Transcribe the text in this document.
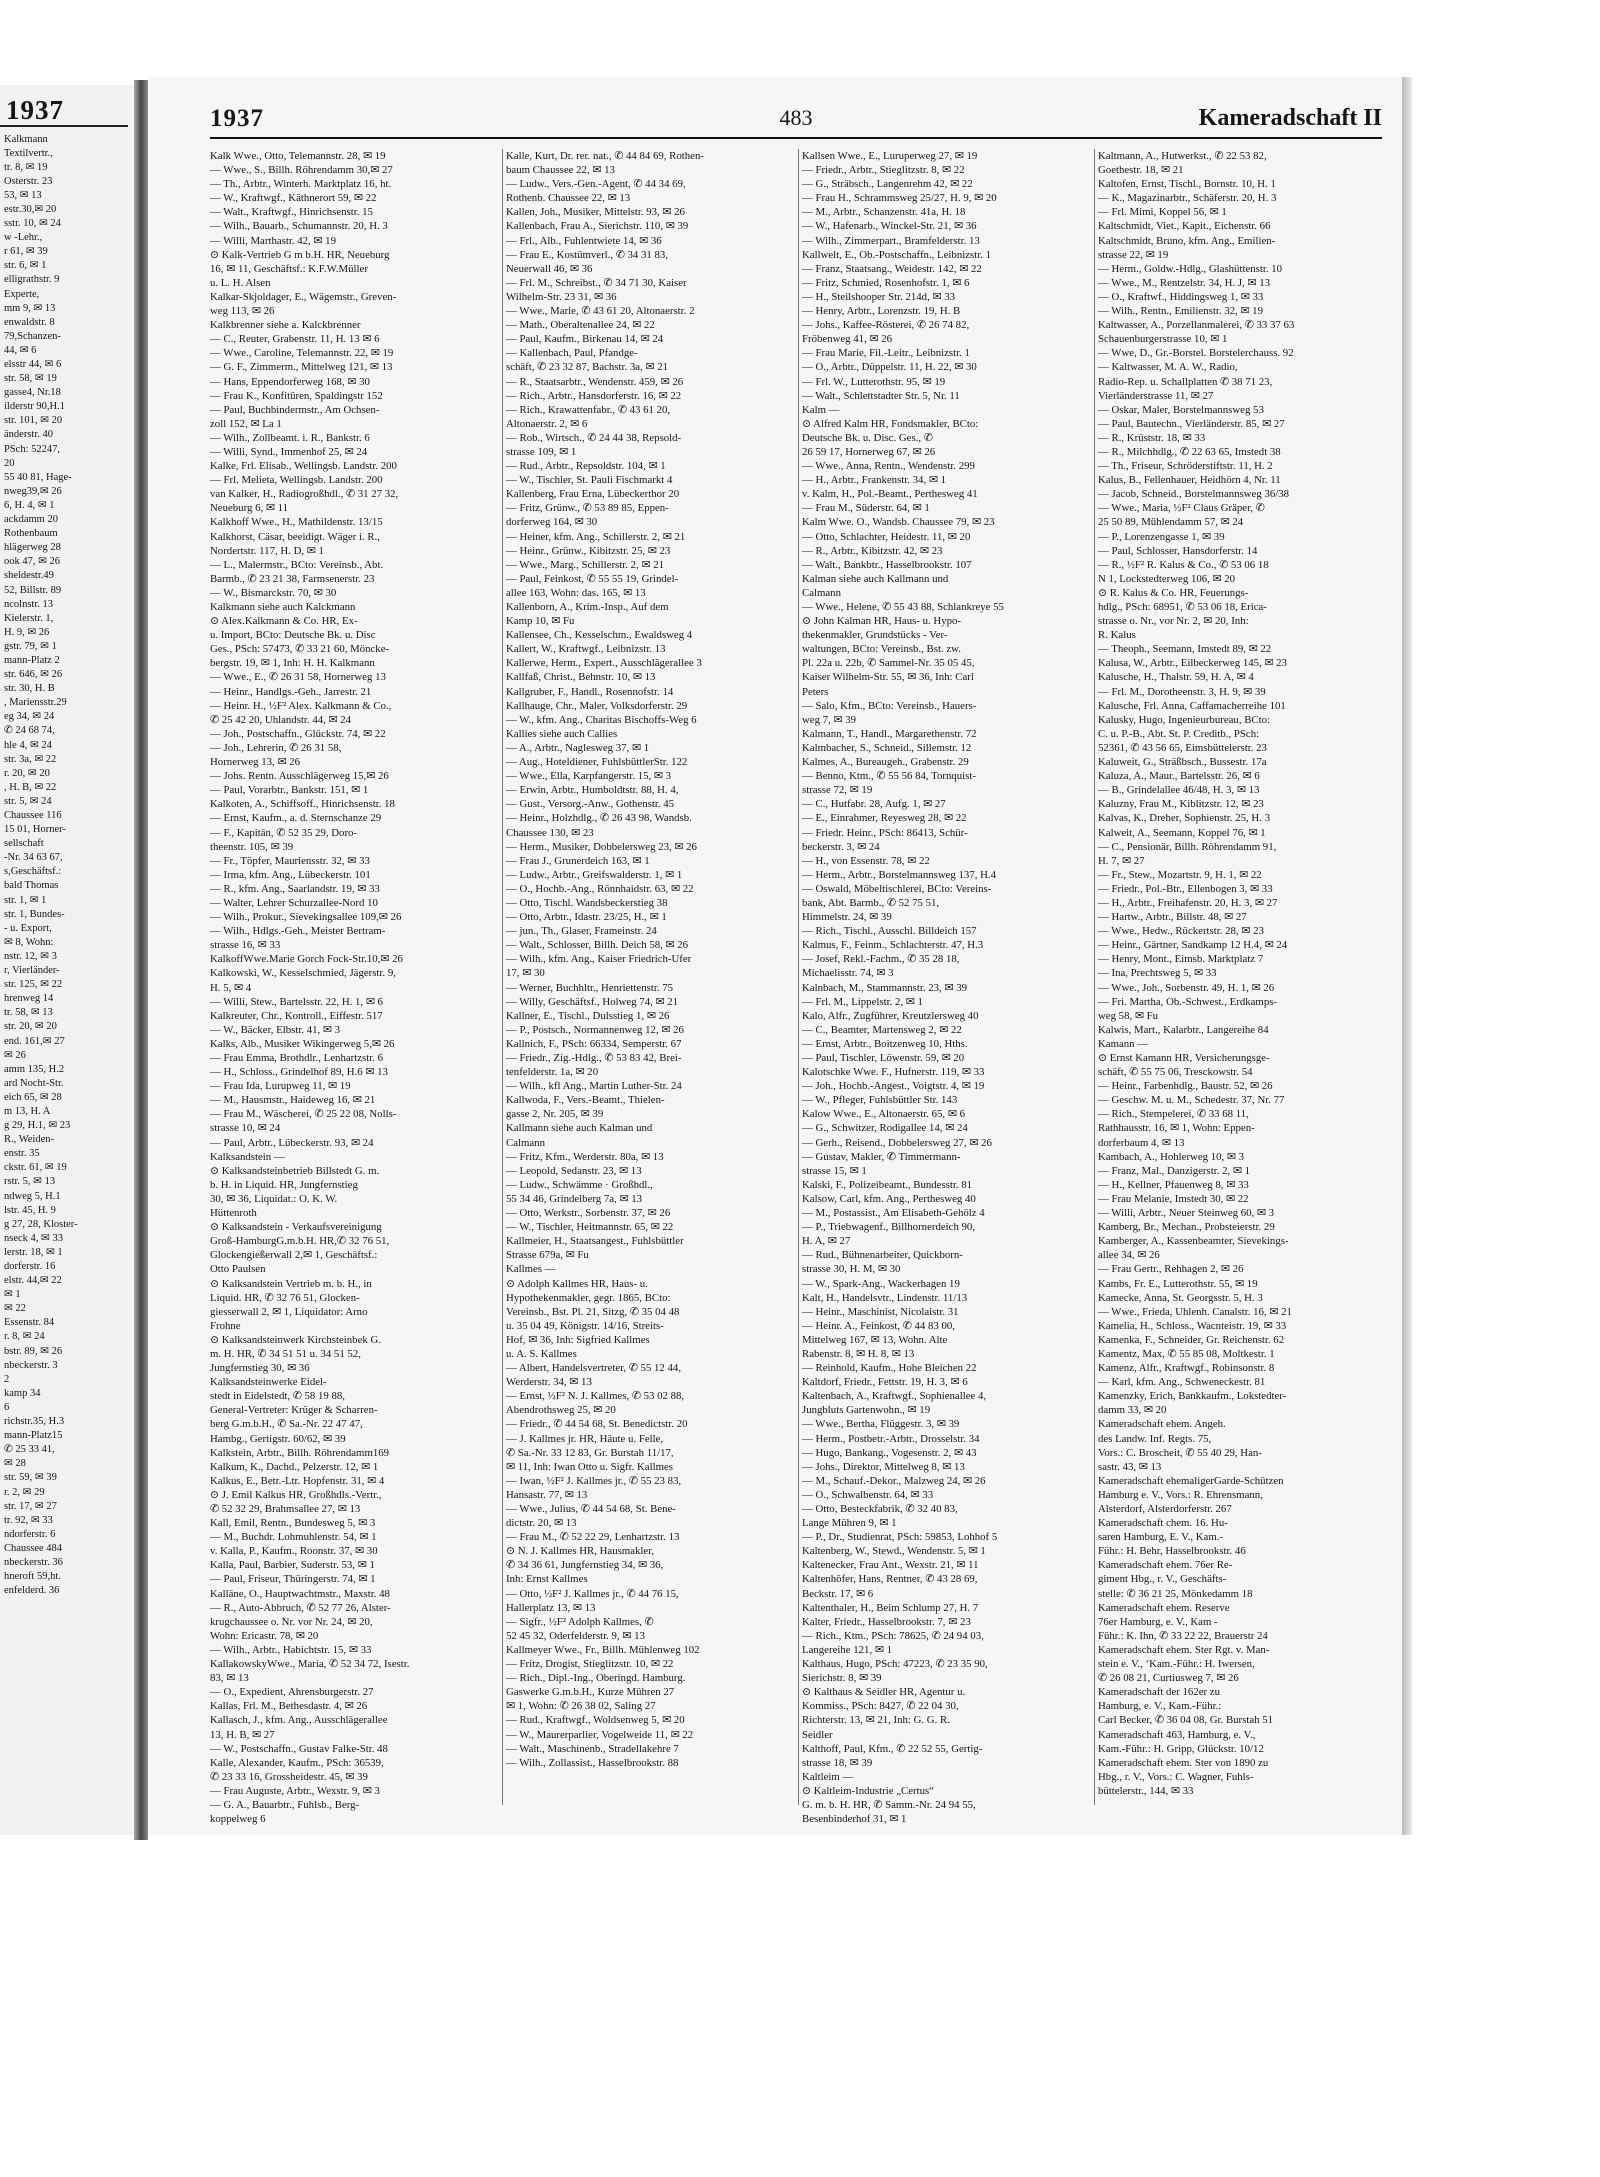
1937
Kalkmann
Textilvertr.,
tr. 8, ✉ 19
Osterstr. 23
53, ✉ 13
estr.30,✉ 20
sstr. 10, ✉ 24
w -Lehr.,
r 61, ✉ 39
str. 6, ✉ 1
elligrathstr. 9
Experte,
mm 9, ✉ 13
enwaldstr. 8
79,Schanzen-
44, ✉ 6
elsstr 44, ✉ 6
str. 58, ✉ 19
gasse4, Nr.18
ilderstr 90,H.1
str. 101, ✉ 20
änderstr. 40
PSch: 52247,
20
55 40 81, Hage-
nweg39,✉ 26
6, H. 4, ✉ 1
ackdamm 20
Rothenbaum
hlägerweg 28
ook 47, ✉ 26
sheldestr.49
52, Billstr. 89
ncolnstr. 13
Kielerstr. 1,
H. 9, ✉ 26
gstr. 79, ✉ 1
mann-Platz 2
str. 646, ✉ 26
str. 30, H. B
, Mariensstr.29
eg 34, ✉ 24
✆ 24 68 74,
hle 4, ✉ 24
str. 3a, ✉ 22
r. 20, ✉ 20
, H. B, ✉ 22
str. 5, ✉ 24
Chaussee 116
15 01, Horner-
sellschaft
-Nr. 34 63 67,
s,Geschäftsf.:
bald Thomas
str. 1, ✉ 1
str. 1, Bundes-
- u. Export,
✉ 8, Wohn:
nstr. 12, ✉ 3
r, Vierländer-
str. 125, ✉ 22
hrenweg 14
tr. 58, ✉ 13
str. 20, ✉ 20
end. 161,✉ 27
✉ 26
amm 135, H.2
ard Nocht-Str.
eich 65, ✉ 28
m 13, H. A
g 29, H.1, ✉ 23
R., Weiden-
enstr. 35
ckstr. 61, ✉ 19
rstr. 5, ✉ 13
ndweg 5, H.1
lstr. 45, H. 9
g 27, 28, Kloster-
nseck 4, ✉ 33
lerstr. 18, ✉ 1
dorferstr. 16
elstr. 44,✉ 22
✉ 1
✉ 22
Essenstr. 84
r. 8, ✉ 24
bstr. 89, ✉ 26
nbeckerstr. 3
2
kamp 34
6
richstr.35, H.3
mann-Platz15
✆ 25 33 41,
✉ 28
str. 59, ✉ 39
r. 2, ✉ 29
str. 17, ✉ 27
tr. 92, ✉ 33
ndorferstr. 6
Chaussee 484
nbeckerstr. 36
hneroft 59,ht.
enfelderd. 36
1937	483	Kameradschaft II
Kalk Wwe., Otto, Telemannstr. 28, ✉ 19
— Wwe., S., Billh. Röhrendamm 30,✉ 27
— Th., Arbtr., Winterh. Marktplatz 16, ht.
— W., Kraftwgf., Käthnerort 59, ✉ 22
— Walt., Kraftwgf., Hinrichsenstr. 15
— Wilh., Bauarb., Schumannstr. 20, H. 3
— Willi, Marthastr. 42, ✉ 19
⊙ Kalk-Vertrieb G m b.H. HR, Neueburg
16, ✉ 11, Geschäftsf.: K.F.W.Müller
u. L. H. Alsen
Kalkar-Skjoldager, E., Wägemstr., Greven-
weg 113, ✉ 26
Kalkbrenner siehe a. Kalckbrenner
— C., Reuter, Grabenstr. 11, H. 13 ✉ 6
— Wwe., Caroline, Telemannstr. 22, ✉ 19
— G. F., Zimmerm., Mittelweg 121, ✉ 13
— Hans, Eppendorferweg 168, ✉ 30
— Frau K., Konfitüren, Spaldingstr 152
— Paul, Buchbindermstr., Am Ochsen-
zoll 152, ✉ La 1
— Wilh., Zollbeamt. i. R., Bankstr. 6
— Willi, Synd., Immenhof 25, ✉ 24
Kalke, Frl. Elisab., Wellingsb. Landstr. 200
— Frl. Melieta, Wellingsb. Landstr. 200
van Kalker, H., Radiogroßhdl., ✆ 31 27 32,
Neueburg 6, ✉ 11
Kalkhoff Wwe., H., Mathildenstr. 13/15
Kalkhorst, Cäsar, beeidigt. Wäger i. R.,
Nordertstr. 117, H. D, ✉ 1
— L., Malermstr., BCto: Vereinsb., Abt.
Barmb., ✆ 23 21 38, Farmsenerstr. 23
— W., Bismarckstr. 70, ✉ 30
Kalkmann siehe auch Kalckmann
⊙ Alex.Kalkmann & Co. HR, Ex-
u. Import, BCto: Deutsche Bk. u. Disc
Ges., PSch: 57473, ✆ 33 21 60, Möncke-
bergstr. 19, ✉ 1, Inh: H. H. Kalkmann
— Wwe., E., ✆ 26 31 58, Hornerweg 13
— Heinr., Handlgs.-Geh., Jarrestr. 21
— Heinr. H., ½F² Alex. Kalkmann & Co.,
✆ 25 42 20, Uhlandstr. 44, ✉ 24
— Joh., Postschaffn., Glückstr. 74, ✉ 22
— Joh., Lehrerin, ✆ 26 31 58,
Hornerweg 13, ✉ 26
— Johs. Rentn. Ausschlägerweg 15,✉ 26
— Paul, Vorarbtr., Bankstr. 151, ✉ 1
Kalkoten, A., Schiffsoff., Hinrichsenstr. 18
— Ernst, Kaufm., a. d. Sternschanze 29
— F., Kapitän, ✆ 52 35 29, Doro-
theenstr. 105, ✉ 39
— Fr., Töpfer, Mauriensstr. 32, ✉ 33
— Irma, kfm. Ang., Lübeckerstr. 101
— R., kfm. Ang., Saarlandstr. 19, ✉ 33
— Walter, Lehrer Schurzallee-Nord 10
— Wilh., Prokur., Sievekingsallee 109,✉ 26
— Wilh., Hdlgs.-Geh., Meister Bertram-
strasse 16, ✉ 33
KalkoffWwe.Marie Gorch Fock-Str.10,✉ 26
Kalkowski, W., Kesselschmied, Jägerstr. 9,
H. 5, ✉ 4
— Willi, Stew., Bartelsstr. 22, H. 1, ✉ 6
Kalkreuter, Chr., Kontroll., Eiffestr. 517
— W., Bäcker, Elbstr. 41, ✉ 3
Kalks, Alb., Musiker Wikingerweg 5,✉ 26
— Frau Emma, Brothdlr., Lenhartzstr. 6
— H., Schloss., Grindelhof 89, H.6 ✉ 13
— Frau Ida, Lurupweg 11, ✉ 19
— M., Hausmstr., Haideweg 16, ✉ 21
— Frau M., Wäscherei, ✆ 25 22 08, Nolls-
strasse 10, ✉ 24
— Paul, Arbtr., Lübeckerstr. 93, ✉ 24
Kalksandstein —
⊙ Kalksandsteinbetrieb Billstedt G. m.
b. H. in Liquid. HR, Jungfernstieg
30, ✉ 36, Liquidat.: O. K. W.
Hüttenroth
⊙ Kalksandstein - Verkaufsvereinigung
Groß-HamburgG.m.b.H. HR,✆ 32 76 51,
Glockengießerwall 2,✉ 1, Geschäftsf.:
Otto Paulsen
⊙ Kalksandstein Vertrieb m. b. H., in
Liquid. HR, ✆ 32 76 51, Glocken-
giesserwall 2, ✉ 1, Liquidator: Arno
Frohne
⊙ Kalksandsteinwerk Kirchsteinbek G.
m. H. HR, ✆ 34 51 51 u. 34 51 52,
Jungfernstieg 30, ✉ 36
Kalksandsteinwerke Eidel-
stedt in Eidelstedt, ✆ 58 19 88,
General-Vertreter: Krüger & Scharren-
berg G.m.b.H., ✆ Sa.-Nr. 22 47 47,
Hambg., Gertigstr. 60/62, ✉ 39
Kalkstein, Arbtr., Billh. Röhrendamm169
Kalkum, K., Dachd., Pelzerstr. 12, ✉ 1
Kalkus, E., Betr.-Ltr. Hopfenstr. 31, ✉ 4
⊙ J. Emil Kalkus HR, Großhdls.-Vertr.,
✆ 52 32 29, Brahmsallee 27, ✉ 13
Kall, Emil, Rentn., Bundesweg 5, ✉ 3
— M., Buchdr. Lohmuhlenstr. 54, ✉ 1
v. Kalla, P., Kaufm., Roonstr. 37, ✉ 30
Kalla, Paul, Barbier, Suderstr. 53, ✉ 1
— Paul, Friseur, Thüringerstr. 74, ✉ 1
Kalläne, O., Hauptwachtmstr., Maxstr. 48
— R., Auto-Abbruch, ✆ 52 77 26, Alster-
krugchaussee o. Nr. vor Nr. 24, ✉ 20,
Wohn: Ericastr. 78, ✉ 20
— Wilh., Arbtr., Habichtstr. 15, ✉ 33
KallakowskyWwe., Maria, ✆ 52 34 72, Isestr.
83, ✉ 13
— O., Expedient, Ahrensburgerstr. 27
Kallas, Frl. M., Bethesdastr. 4, ✉ 26
Kallasch, J., kfm. Ang., Ausschlägerallee
13, H. B, ✉ 27
— W., Postschaffn., Gustav Falke-Str. 48
Kalle, Alexander, Kaufm., PSch: 36539,
✆ 23 33 16, Grossheidestr. 45, ✉ 39
— Frau Auguste, Arbtr., Wexstr. 9, ✉ 3
— G. A., Bauarbtr., Fuhlsb., Berg-
koppelweg 6
Kalle, Kurt, Dr. rer. nat., ✆ 44 84 69, Rothen-
baum Chaussee 22, ✉ 13
— Ludw., Vers.-Gen.-Agent, ✆ 44 34 69,
Rothenb. Chaussee 22, ✉ 13
Kallen, Joh., Musiker, Mittelstr. 93, ✉ 26
Kallenbach, Frau A., Sierichstr. 110, ✉ 39
— Frl., Alb., Fuhlentwiete 14, ✉ 36
— Frau E., Kostümverl., ✆ 34 31 83,
Neuerwall 46, ✉ 36
— Frl. M., Schreibst., ✆ 34 71 30, Kaiser
Wilhelm-Str. 23 31, ✉ 36
— Wwe., Marie, ✆ 43 61 20, Altonaerstr. 2
— Math., Oberaltenallee 24, ✉ 22
— Paul, Kaufm., Birkenau 14, ✉ 24
— Kallenbach, Paul, Pfandge-
schäft, ✆ 23 32 87, Bachstr. 3a, ✉ 21
— R., Staatsarbtr., Wendenstr. 459, ✉ 26
— Rich., Arbtr., Hansdorferstr. 16, ✉ 22
— Rich., Krawattenfabr., ✆ 43 61 20,
Altonaerstr. 2, ✉ 6
— Rob., Wirtsch., ✆ 24 44 38, Repsold-
strasse 109, ✉ 1
— Rud., Arbtr., Repsoldstr. 104, ✉ 1
— W., Tischler, St. Pauli Fischmarkt 4
Kallenberg, Frau Erna, Lübeckerthor 20
— Fritz, Grünw., ✆ 53 89 85, Eppen-
dorferweg 164, ✉ 30
— Heiner, kfm. Ang., Schillerstr. 2, ✉ 21
— Heinr., Grünw., Kibitzstr. 25, ✉ 23
— Wwe., Marg., Schillerstr. 2, ✉ 21
— Paul, Feinkost, ✆ 55 55 19, Grindel-
allee 163, Wohn: das. 165, ✉ 13
Kallenborn, A., Krim.-Insp., Auf dem
Kamp 10, ✉ Fu
Kallensee, Ch., Kesselschm., Ewaldsweg 4
Kallert, W., Kraftwgf., Leibnizstr. 13
Kallerwe, Herm., Expert., Ausschlägerallee 3
Kallfaß, Christ., Behnstr. 10, ✉ 13
Kallgruber, F., Handl., Rosennofstr. 14
Kallhauge, Chr., Maler, Volksdorferstr. 29
— W., kfm. Ang., Charitas Bischoffs-Weg 6
Kallies siehe auch Callies
— A., Arbtr., Naglesweg 37, ✉ 1
— Aug., Hoteldiener, FuhlsbüttlerStr. 122
— Wwe., Ella, Karpfangerstr. 15, ✉ 3
— Erwin, Arbtr., Humboldtstr. 88, H. 4,
— Gust., Versorg.-Anw., Gothenstr. 45
— Heinr., Holzhdlg., ✆ 26 43 98, Wandsb.
Chaussee 130, ✉ 23
— Herm., Musiker, Dobbelersweg 23, ✉ 26
— Frau J., Grunerdeich 163, ✉ 1
— Ludw., Arbtr., Greifswalderstr. 1, ✉ 1
— O., Hochb.-Ang., Rönnhaidstr. 63, ✉ 22
— Otto, Tischl. Wandsbeckerstieg 38
— Otto, Arbtr., Idastr. 23/25, H., ✉ 1
— jun., Th., Glaser, Frameinstr. 24
— Walt., Schlosser, Billh. Deich 58, ✉ 26
— Wilh., kfm. Ang., Kaiser Friedrich-Ufer
17, ✉ 30
— Werner, Buchhltr., Henriettenstr. 75
— Willy, Geschäftsf., Holweg 74, ✉ 21
Kallner, E., Tischl., Dulsstieg 1, ✉ 26
— P., Postsch., Normannenweg 12, ✉ 26
Kallnich, F., PSch: 66334, Semperstr. 67
— Friedr., Zig.-Hdlg., ✆ 53 83 42, Brei-
tenfelderstr. 1a, ✉ 20
— Wilh., kfl Ang., Martin Luther-Str. 24
Kallwoda, F., Vers.-Beamt., Thielen-
gasse 2, Nr. 205, ✉ 39
Kallmann siehe auch Kalman und
Calmann
— Fritz, Kfm., Werderstr. 80a, ✉ 13
— Leopold, Sedanstr. 23, ✉ 13
— Ludw., Schwämme · Großhdl.,
55 34 46, Grindelberg 7a, ✉ 13
— Otto, Werkstr., Sorbenstr. 37, ✉ 26
— W., Tischler, Heitmannstr. 65, ✉ 22
Kallmeier, H., Staatsangest., Fuhlsbüttler
Strasse 679a, ✉ Fu
Kallmes —
⊙ Adolph Kallmes HR, Haus- u.
Hypothekenmakler, gegr. 1865, BCto:
Vereinsb., Bst. Pl. 21, Sitzg, ✆ 35 04 48
u. 35 04 49, Königstr. 14/16, Streits-
Hof, ✉ 36, Inh: Sigfried Kallmes
u. A. S. Kallmes
— Albert, Handelsvertreter, ✆ 55 12 44,
Werderstr. 34, ✉ 13
— Ernst, ½F² N. J. Kallmes, ✆ 53 02 88,
Abendrothsweg 25, ✉ 20
— Friedr., ✆ 44 54 68, St. Benedictstr. 20
— J. Kallmes jr. HR, Häute u. Felle,
✆ Sa.-Nr. 33 12 83, Gr. Burstah 11/17,
✉ 11, Inh: Iwan Otto u. Sigfr. Kallmes
— Iwan, ½F² J. Kallmes jr., ✆ 55 23 83,
Hansastr. 77, ✉ 13
— Wwe., Julius, ✆ 44 54 68, St. Bene-
dictstr. 20, ✉ 13
— Frau M., ✆ 52 22 29, Lenhartzstr. 13
⊙ N. J. Kallmes HR, Hausmakler,
✆ 34 36 61, Jungfernstieg 34, ✉ 36,
Inh: Ernst Kallmes
— Otto, ½F² J. Kallmes jr., ✆ 44 76 15,
Hallerplatz 13, ✉ 13
— Sigfr., ½F² Adolph Kallmes, ✆
52 45 32, Oderfelderstr. 9, ✉ 13
Kallmeyer Wwe., Fr., Billh. Mühlenweg 102
— Fritz, Drogist, Stieglitzstr. 10, ✉ 22
— Rich., Dipl.-Ing., Oberingd. Hamburg.
Gaswerke G.m.b.H., Kurze Mühren 27
✉ 1, Wohn: ✆ 26 38 02, Saling 27
— Rud., Kraftwgf., Woldsenweg 5, ✉ 20
— W., Maurerparlier, Vogelweide 11, ✉ 22
— Walt., Maschinenb., Stradellakehre 7
— Wilh., Zollassist., Hasselbrookstr. 88
Kallsen Wwe., E., Luruperweg 27, ✉ 19
— Friedr., Arbtr., Stieglitzstr. 8, ✉ 22
— G., Sträbsch., Langenrehm 42, ✉ 22
— Frau H., Schrammsweg 25/27, H. 9, ✉ 20
— M., Arbtr., Schanzenstr. 41a, H. 18
— W., Hafenarb., Winckel-Str. 21, ✉ 36
— Wilh., Zimmerpart., Bramfelderstr. 13
Kallwelt, E., Ob.-Postschaffn., Leibnizstr. 1
— Franz, Staatsang., Weidestr. 142, ✉ 22
— Fritz, Schmied, Rosenhofstr. 1, ✉ 6
— H., Steilshooper Str. 214d, ✉ 33
— Henry, Arbtr., Lorenzstr. 19, H. B
— Johs., Kaffee-Rösterei, ✆ 26 74 82,
Fröbenweg 41, ✉ 26
— Frau Marie, Fil.-Leitr., Leibnizstr. 1
— O., Arbtr., Düppelstr. 11, H. 22, ✉ 30
— Frl. W., Lutterothstr. 95, ✉ 19
— Walt., Schlettstadter Str. 5, Nr. 11
Kalm —
⊙ Alfred Kalm HR, Fondsmakler, BCto:
Deutsche Bk. u. Disc. Ges., ✆
26 59 17, Hornerweg 67, ✉ 26
— Wwe., Anna, Rentn., Wendenstr. 299
— H., Arbtr., Frankenstr. 34, ✉ 1
v. Kalm, H., Pol.-Beamt., Perthesweg 41
— Frau M., Süderstr. 64, ✉ 1
Kalm Wwe. O., Wandsb. Chaussee 79, ✉ 23
— Otto, Schlachter, Heidestr. 11, ✉ 20
— R., Arbtr., Kibitzstr. 42, ✉ 23
— Walt., Bankbtr., Hasselbrookstr. 107
Kalman siehe auch Kallmann und
Calmann
— Wwe., Helene, ✆ 55 43 88, Schlankreye 55
⊙ John Kalman HR, Haus- u. Hypo-
thekenmakler, Grundstücks - Ver-
waltungen, BCto: Vereinsb., Bst. zw.
Pl. 22a u. 22b, ✆ Sammel-Nr. 35 05 45,
Kaiser Wilhelm-Str. 55, ✉ 36, Inh: Carl
Peters
— Salo, Kfm., BCto: Vereinsb., Hauers-
weg 7, ✉ 39
Kalmann, T., Handl., Margarethenstr. 72
Kalmbacher, S., Schneid., Sillemstr. 12
Kalmes, A., Bureaugeh., Grabenstr. 29
— Benno, Ktm., ✆ 55 56 84, Tornquist-
strasse 72, ✉ 19
— C., Hutfabr. 28, Aufg. 1, ✉ 27
— E., Einrahmer, Reyesweg 28, ✉ 22
— Friedr. Heinr., PSch: 86413, Schür-
beckerstr. 3, ✉ 24
— H., von Essenstr. 78, ✉ 22
— Herm., Arbtr., Borstelmannsweg 137, H.4
— Oswald, Möbeltischlerei, BCto: Vereins-
bank, Abt. Barmb., ✆ 52 75 51,
Himmelstr. 24, ✉ 39
— Rich., Tischl., Ausschl. Billdeich 157
Kalmus, F., Feinm., Schlachterstr. 47, H.3
— Josef, Rekl.-Fachm., ✆ 35 28 18,
Michaelisstr. 74, ✉ 3
Kalnbach, M., Stammannstr. 23, ✉ 39
— Frl. M., Lippelstr. 2, ✉ 1
Kalo, Alfr., Zugführer, Kreutzlersweg 40
— C., Beamter, Martensweg 2, ✉ 22
— Ernst, Arbtr., Boitzenweg 10, Hths.
— Paul, Tischler, Löwenstr. 59, ✉ 20
Kalotschke Wwe. F., Hufnerstr. 119, ✉ 33
— Joh., Hochb.-Angest., Voigtstr. 4, ✉ 19
— W., Pfleger, Fuhlsbüttler Str. 143
Kalow Wwe., E., Altonaerstr. 65, ✉ 6
— G., Schwitzer, Rodigallee 14, ✉ 24
— Gerh., Reisend., Dobbelersweg 27, ✉ 26
— Gustav, Makler, ✆ Timmermann-
strasse 15, ✉ 1
Kalski, F., Polizeibeamt., Bundesstr. 81
Kalsow, Carl, kfm. Ang., Perthesweg 40
— M., Postassist., Am Elisabeth-Gehölz 4
— P., Triebwagenf., Billhornerdeich 90,
H. A, ✉ 27
— Rud., Bühnenarbeiter, Quickborn-
strasse 30, H. M, ✉ 30
— W., Spark-Ang., Wackerhagen 19
Kalt, H., Handelsvtr., Lindenstr. 11/13
— Heinr., Maschinist, Nicolaistr. 31
— Heinr. A., Feinkost, ✆ 44 83 00,
Mittelweg 167, ✉ 13, Wohn. Alte
Rabenstr. 8, ✉ H. 8, ✉ 13
— Reinhold, Kaufm., Hohe Bleichen 22
Kaltdorf, Friedr., Fettstr. 19, H. 3, ✉ 6
Kaltenbach, A., Kraftwgf., Sophienallee 4,
Jungbluts Gartenwohn., ✉ 19
— Wwe., Bertha, Flüggestr. 3, ✉ 39
— Herm., Postbetr.-Arbtr., Drosselstr. 34
— Hugo, Bankang., Vogesenstr. 2, ✉ 43
— Johs., Direktor, Mittelweg 8, ✉ 13
— M., Schauf.-Dekor., Malzweg 24, ✉ 26
— O., Schwalbenstr. 64, ✉ 33
— Otto, Besteckfabrik, ✆ 32 40 83,
Lange Mühren 9, ✉ 1
— P., Dr., Studienrat, PSch: 59853, Lohhof 5
Kaltenberg, W., Stewd., Wendenstr. 5, ✉ 1
Kaltenecker, Frau Ant., Wexstr. 21, ✉ 11
Kaltenhöfer, Hans, Rentner, ✆ 43 28 69,
Beckstr. 17, ✉ 6
Kaltenthaler, H., Beim Schlump 27, H. 7
Kalter, Friedr., Hasselbrookstr. 7, ✉ 23
— Rich., Ktm., PSch: 78625, ✆ 24 94 03,
Langereihe 121, ✉ 1
Kalthaus, Hugo, PSch: 47223, ✆ 23 35 90,
Sierichstr. 8, ✉ 39
⊙ Kalthaus & Seidler HR, Agentur u.
Kommiss., PSch: 8427, ✆ 22 04 30,
Richterstr. 13, ✉ 21, Inh: G. G. R.
Seidler
Kalthoff, Paul, Kfm., ✆ 22 52 55, Gertig-
strasse 18, ✉ 39
Kaltleim —
⊙ Kaltleim-Industrie „Certus“
G. m. b. H. HR, ✆ Samm.-Nr. 24 94 55,
Besenbinderhof 31, ✉ 1
Kaltmann, A., Hutwerkst., ✆ 22 53 82,
Goethestr. 18, ✉ 21
Kaltofen, Ernst, Tischl., Bornstr. 10, H. 1
— K., Magazinarbtr., Schäferstr. 20, H. 3
— Frl. Mimi, Koppel 56, ✉ 1
Kaltschmidt, Viet., Kapit., Eichenstr. 66
Kaltschmidt, Bruno, kfm. Ang., Emilien-
strasse 22, ✉ 19
— Herm., Goldw.-Hdlg., Glashüttenstr. 10
— Wwe., M., Rentzelstr. 34, H. J, ✉ 13
— O., Kraftwf., Hiddingsweg 1, ✉ 33
— Wilh., Rentn., Emilienstr. 32, ✉ 19
Kaltwasser, A., Porzellanmalerei, ✆ 33 37 63
Schauenburgerstrasse 10, ✉ 1
— Wwe, D., Gr.-Borstel. Borstelerchauss. 92
— Kaltwasser, M. A. W., Radio,
Radio-Rep. u. Schallplatten ✆ 38 71 23,
Vierländerstrasse 11, ✉ 27
— Oskar, Maler, Borstelmannsweg 53
— Paul, Bautechn., Vierländerstr. 85, ✉ 27
— R., Krüststr. 18, ✉ 33
— R., Milchhdlg., ✆ 22 63 65, Imstedt 38
— Th., Friseur, Schröderstiftstr. 11, H. 2
Kalus, B., Fellenhauer, Heidhörn 4, Nr. 11
— Jacob, Schneid., Borstelmannsweg 36/38
— Wwe., Maria, ½F² Claus Gräper, ✆
25 50 89, Mühlendamm 57, ✉ 24
— P., Lorenzengasse 1, ✉ 39
— Paul, Schlosser, Hansdorferstr. 14
— R., ½F² R. Kalus & Co., ✆ 53 06 18
N 1, Lockstedterweg 106, ✉ 20
⊙ R. Kalus & Co. HR, Feuerungs-
hdlg., PSch: 68951, ✆ 53 06 18, Erica-
strasse o. Nr., vor Nr. 2, ✉ 20, Inh:
R. Kalus
— Theoph., Seemann, Imstedt 89, ✉ 22
Kalusa, W., Arbtr., Eilbeckerweg 145, ✉ 23
Kalusche, H., Thalstr. 59, H. A, ✉ 4
— Frl. M., Dorotheenstr. 3, H. 9, ✉ 39
Kalusche, Frl. Anna, Caffamacherreihe 101
Kalusky, Hugo, Ingenieurbureau, BCto:
C. u. P.-B., Abt. St. P. Creditb., PSch:
52361, ✆ 43 56 65, Eimsbüttelerstr. 23
Kaluweit, G., Sträßbsch., Bussestr. 17a
Kaluza, A., Maur., Bartelsstr. 26, ✉ 6
— B., Grindelallee 46/48, H. 3, ✉ 13
Kaluzny, Frau M., Kiblitzstr. 12, ✉ 23
Kalvas, K., Dreher, Sophienstr. 25, H. 3
Kalweit, A., Seemann, Koppel 76, ✉ 1
— C., Pensionär, Billh. Röhrendamm 91,
H. 7, ✉ 27
— Fr., Stew., Mozartstr. 9, H. 1, ✉ 22
— Friedr., Pol.-Btr., Ellenbogen 3, ✉ 33
— H., Arbtr., Freihafenstr. 20, H. 3, ✉ 27
— Hartw., Arbtr., Billstr. 48, ✉ 27
— Wwe., Hedw., Rückertstr. 28, ✉ 23
— Heinr., Gärtner, Sandkamp 12 H.4, ✉ 24
— Henry, Mont., Eimsb. Marktplatz 7
— Ina, Prechtsweg 5, ✉ 33
— Wwe., Joh., Sorbenstr. 49, H. 1, ✉ 26
— Fri. Martha, Ob.-Schwest., Erdkamps-
weg 58, ✉ Fu
Kalwis, Mart., Kalarbtr., Langereihe 84
Kamann —
⊙ Ernst Kamann HR, Versicherungsge-
schäft, ✆ 55 75 06, Tresckowstr. 54
— Heinr., Farbenhdlg., Baustr. 52, ✉ 26
— Geschw. M. u. M., Schedestr. 37, Nr. 77
— Rich., Stempelerei, ✆ 33 68 11,
Rathhausstr. 16, ✉ 1, Wohn: Eppen-
dorferbaum 4, ✉ 13
Kambach, A., Hohlerweg 10, ✉ 3
— Franz, Mal., Danzigerstr. 2, ✉ 1
— H., Kellner, Pfauenweg 8, ✉ 33
— Frau Melanie, Imstedt 30, ✉ 22
— Willi, Arbtr., Neuer Steinweg 60, ✉ 3
Kamberg, Br., Mechan., Probsteierstr. 29
Kamberger, A., Kassenbeamter, Sievekings-
allee 34, ✉ 26
— Frau Gertr., Rehhagen 2, ✉ 26
Kambs, Fr. E., Lutterothstr. 55, ✉ 19
Kamecke, Anna, St. Georgsstr. 5, H. 3
— Wwe., Frieda, Uhlenh. Canalstr. 16, ✉ 21
Kamelia, H., Schloss., Wacnteistr. 19, ✉ 33
Kamenka, F., Schneider, Gr. Reichenstr. 62
Kamentz, Max, ✆ 55 85 08, Moltkestr. 1
Kamenz, Alfr., Kraftwgf., Robinsonstr. 8
— Karl, kfm. Ang., Schweneckestr. 81
Kamenzky, Erich, Bankkaufm., Lokstedter-
damm 33, ✉ 20
Kameradschaft ehem. Angeh.
des Landw. Inf. Regts. 75,
Vors.: C. Broscheit, ✆ 55 40 29, Han-
sastr. 43, ✉ 13
Kameradschaft ehemaligerGarde-Schützen
Hamburg e. V., Vors.: R. Ehrensmann,
Alsterdorf, Alsterdorferstr. 267
Kameradschaft chem. 16. Hu-
saren Hamburg, E. V., Kam.-
Führ.: H. Behr, Hasselbrookstr. 46
Kameradschaft ehem. 76er Re-
giment Hbg., r. V., Geschäfts-
stelle: ✆ 36 21 25, Mönkedamm 18
Kameradschaft ehem. Reserve
76er Hamburg, e. V., Kam -
Führ.: K. Ihn, ✆ 33 22 22, Brauerstr 24
Kameradschaft ehem. Ster Rgt. v. Man-
stein e. V., ‘Kam.-Führ.: H. Iwersen,
✆ 26 08 21, Curtiusweg 7, ✉ 26
Kameradschaft der 162er zu
Hamburg, e. V., Kam.-Führ.:
Carl Becker, ✆ 36 04 08, Gr. Burstah 51
Kameradschaft 463, Hamburg, e. V.,
Kam.-Führ.: H. Gripp, Glückstr. 10/12
Kameradschaft ehem. Ster von 1890 zu
Hbg., r. V., Vors.: C. Wagner, Fuhls-
büttelerstr., 144, ✉ 33
